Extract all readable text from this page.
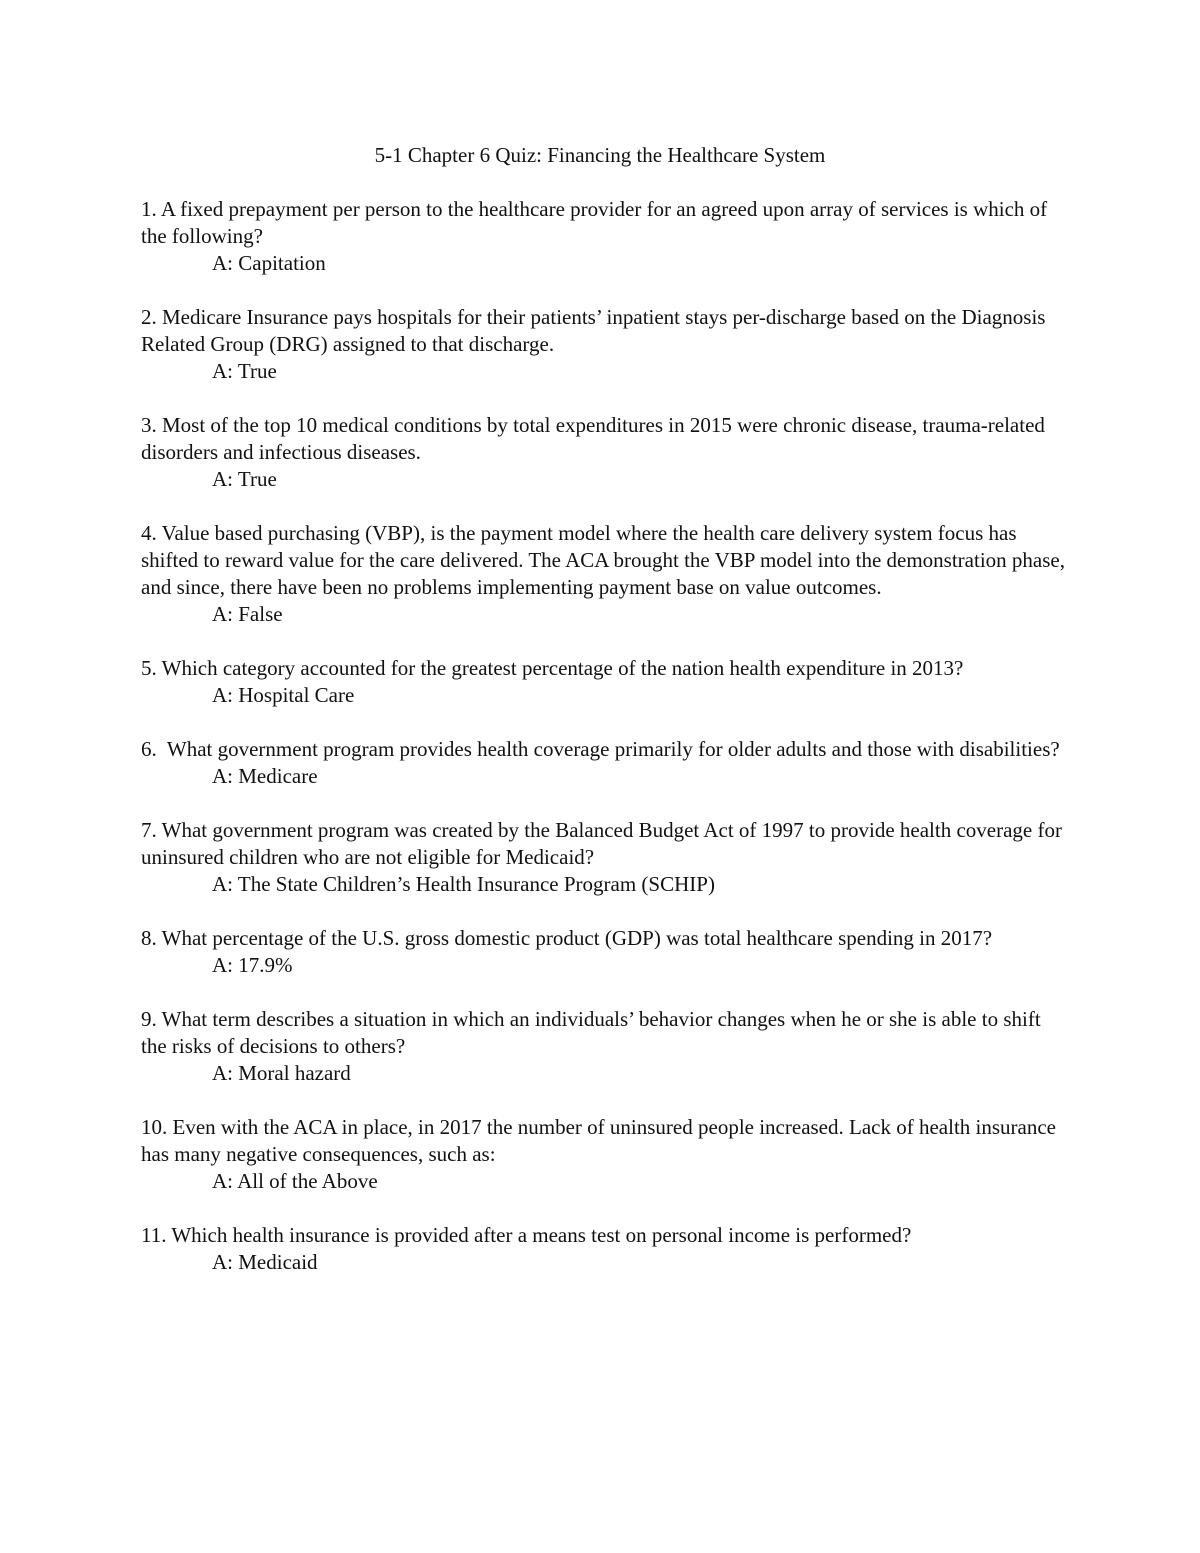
5-1 Chapter 6 Quiz: Financing the Healthcare System

1. A fixed prepayment per person to the healthcare provider for an agreed upon array of services is which of the following?

A: Capitation

2. Medicare Insurance pays hospitals for their patients’ inpatient stays per-discharge based on the Diagnosis Related Group (DRG) assigned to that discharge.

A: True

3. Most of the top 10 medical conditions by total expenditures in 2015 were chronic disease, trauma-related disorders and infectious diseases.

A: True

4. Value based purchasing (VBP), is the payment model where the health care delivery system focus has shifted to reward value for the care delivered. The ACA brought the VBP model into the demonstration phase, and since, there have been no problems implementing payment base on value outcomes.

A: False

5. Which category accounted for the greatest percentage of the nation health expenditure in 2013?

A: Hospital Care

6.  What government program provides health coverage primarily for older adults and those with disabilities?

A: Medicare

7. What government program was created by the Balanced Budget Act of 1997 to provide health coverage for uninsured children who are not eligible for Medicaid?

A: The State Children’s Health Insurance Program (SCHIP)

8. What percentage of the U.S. gross domestic product (GDP) was total healthcare spending in 2017?

A: 17.9%

9. What term describes a situation in which an individuals’ behavior changes when he or she is able to shift the risks of decisions to others?

A: Moral hazard

10. Even with the ACA in place, in 2017 the number of uninsured people increased. Lack of health insurance has many negative consequences, such as:

A: All of the Above

11. Which health insurance is provided after a means test on personal income is performed?

A: Medicaid
